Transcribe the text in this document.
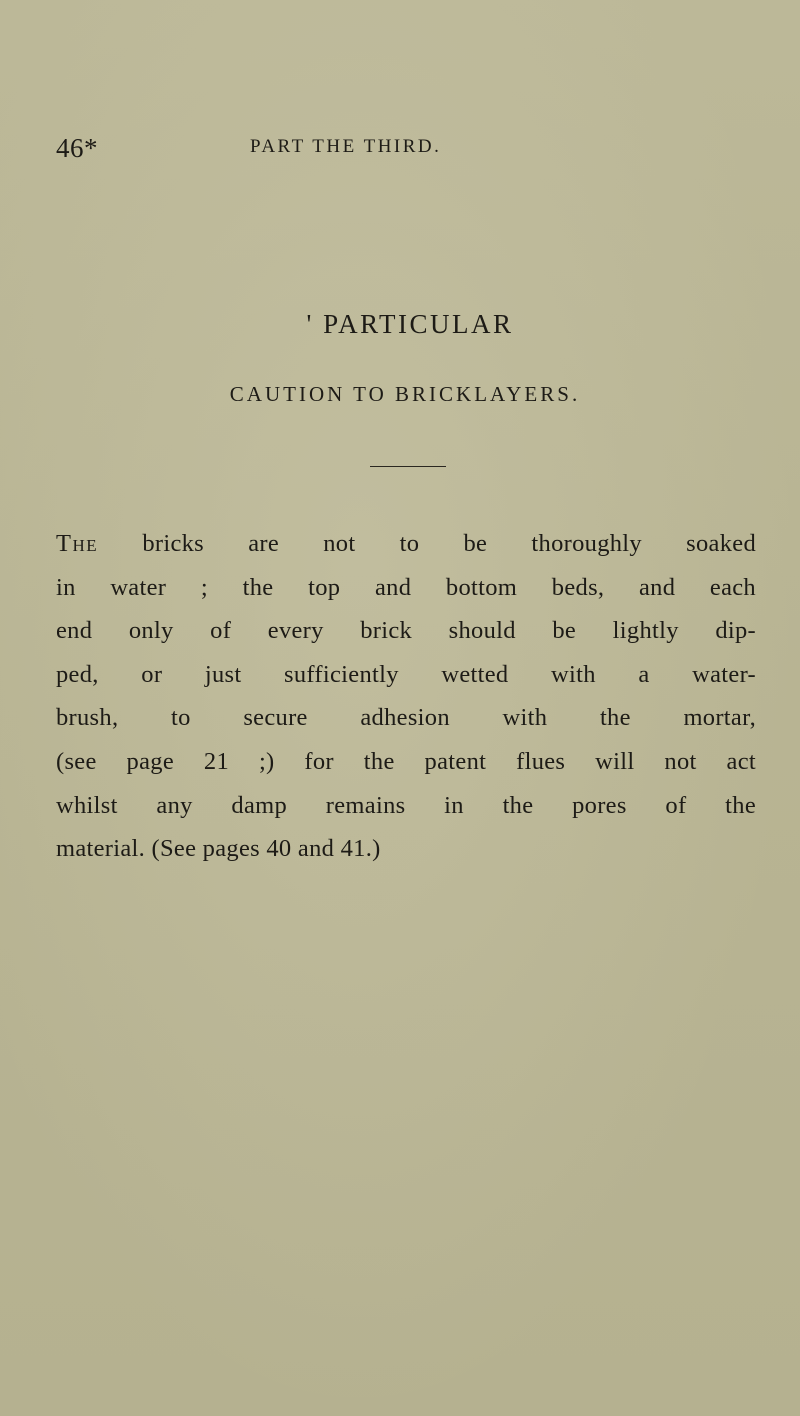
46*	PART THE THIRD.
' PARTICULAR
CAUTION TO BRICKLAYERS.
The bricks are not to be thoroughly soaked
in water ; the top and bottom beds, and each
end only of every brick should be lightly dip-
ped, or just sufficiently wetted with a water-
brush, to secure adhesion with the mortar,
(see page 21 ;) for the patent flues will not act
whilst any damp remains in the pores of the
material. (See pages 40 and 41.)
